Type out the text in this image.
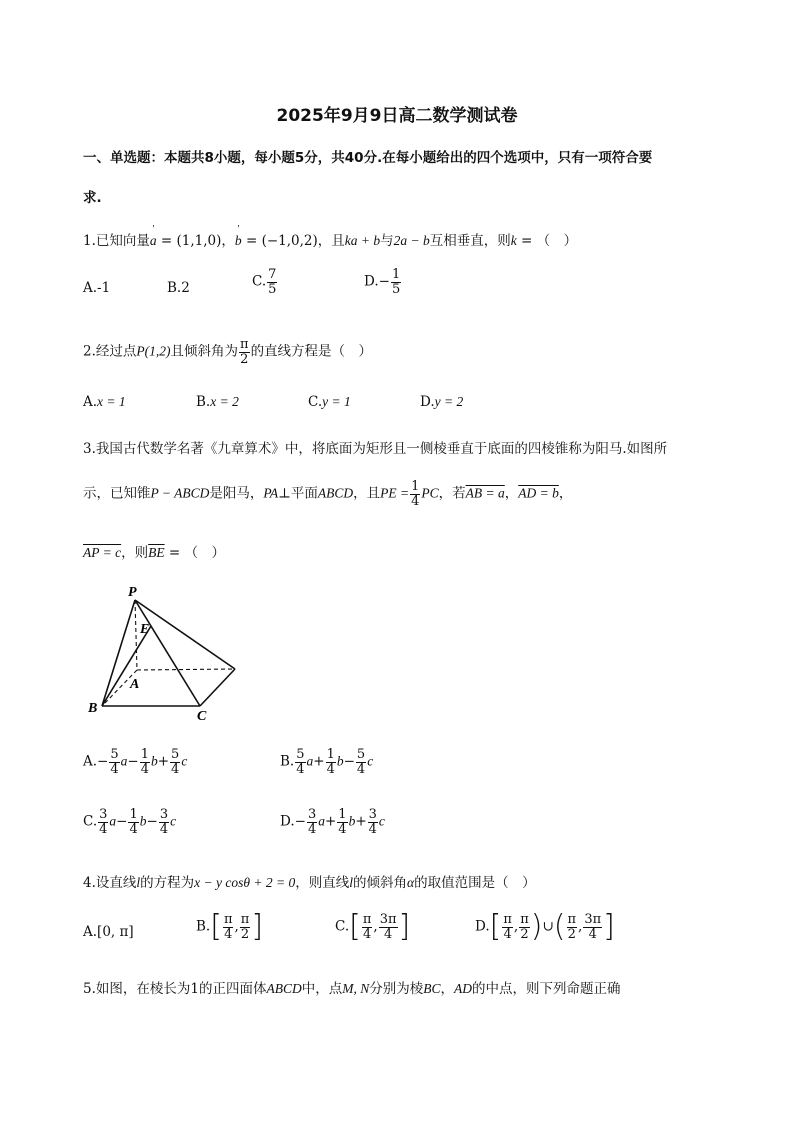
2025年9月9日高二数学测试卷
一、单选题：本题共8小题，每小题5分，共40分.在每小题给出的四个选项中，只有一项符合要
求.
1.已知向量' a = (1,1,0)，' b = (−1,0,2)，且ka + b与2a − b互相垂直，则k = （　）
A.-1	B.2	C. $\frac{7}{5}$	$D.- \frac{1}{5}$
2.经过点P(1,2)且倾斜角为 $\frac{\pi}{2}$ 的直线方程是（　）
A.x = 1	B.x = 2	C.y = 1	D.y = 2
3.我国古代数学名著《九章算术》中，将底面为矩形且一侧棱垂直于底面的四棱锥称为阳马.如图所
示，已知锥P − ABCD是阳马，PA⊥平面ABCD，且PE = $\frac{1}{4}$ PC，若AB = a，AD = b，
AP = c，则$\overline{BE}$ = （　）
P
E
A
B
C
$A.- \frac{5}{4} a- \frac{1}{4} b+ \frac{5}{4}$ c	B. $\frac{5}{4} a+ \frac{1}{4} b- \frac{5}{4}$ c
C. $\frac{3}{4} a- \frac{1}{4} b- \frac{3}{4}$ c	$D.- \frac{3}{4} a+ \frac{1}{4} b+ \frac{3}{4}$ c
4.设直线l的方程为x − y cosθ + 2 = 0，则直线l的倾斜角α的取值范围是（　）
A.[0, π]	$B.[ \frac{\pi}{4}$ , $\frac{\pi}{2}$ ]	$C.[ \frac{\pi}{4}$ , $\frac{3\pi}{4}$ ]	$D.[ \frac{\pi}{4}$ , $\frac{\pi}{2}$ )∪( $\frac{\pi}{2}$ , $\frac{3\pi}{4}$ ]
5.如图，在棱长为1的正四面体ABCD中，点M, N分别为棱BC，AD的中点，则下列命题正确
